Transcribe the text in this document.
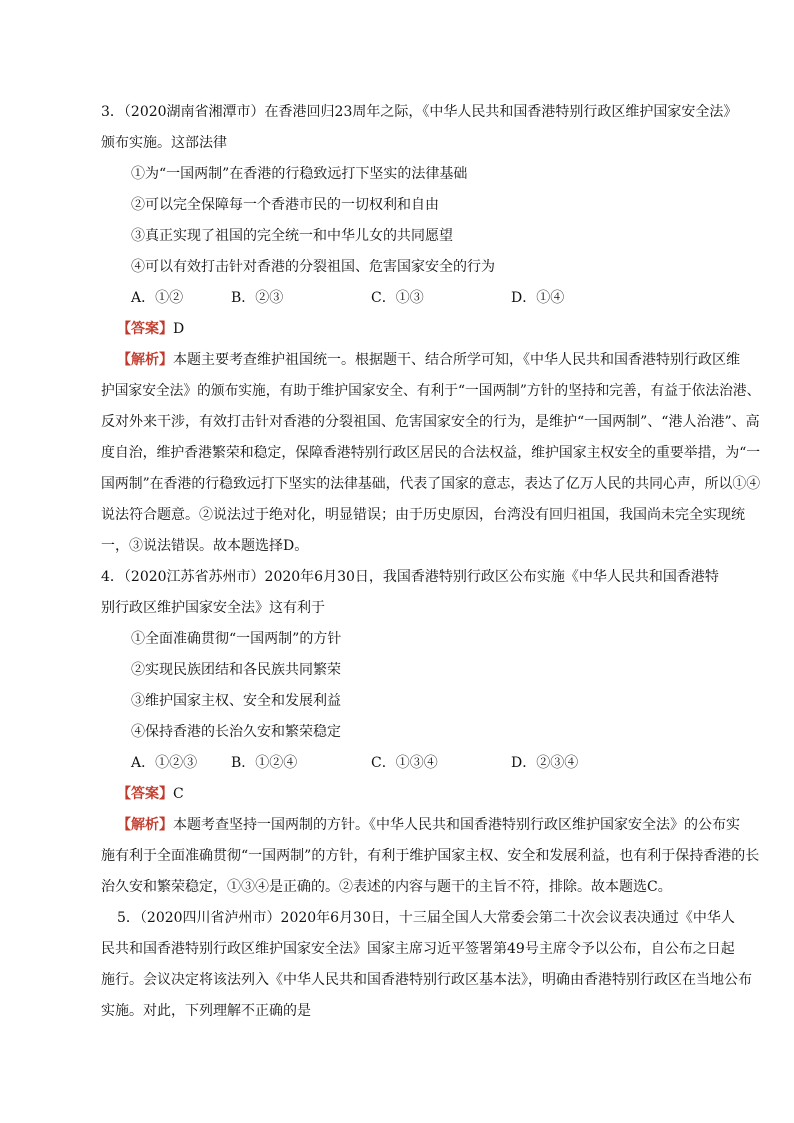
3．（2020湖南省湘潭市）在香港回归23周年之际，《中华人民共和国香港特别行政区维护国家安全法》
颁布实施。这部法律
①为“一国两制”在香港的行稳致远打下坚实的法律基础
②可以完全保障每一个香港市民的一切权利和自由
③真正实现了祖国的完全统一和中华儿女的共同愿望
④可以有效打击针对香港的分裂祖国、危害国家安全的行为
A．①②	B．②③	C．①③	D．①④
【答案】D
【解析】本题主要考查维护祖国统一。根据题干、结合所学可知，《中华人民共和国香港特别行政区维
护国家安全法》的颁布实施，有助于维护国家安全、有利于“一国两制”方针的坚持和完善，有益于依法治港、
反对外来干涉，有效打击针对香港的分裂祖国、危害国家安全的行为，是维护“一国两制”、“港人治港”、高
度自治，维护香港繁荣和稳定，保障香港特别行政区居民的合法权益，维护国家主权安全的重要举措，为“一
国两制”在香港的行稳致远打下坚实的法律基础，代表了国家的意志，表达了亿万人民的共同心声，所以①④
说法符合题意。②说法过于绝对化，明显错误；由于历史原因，台湾没有回归祖国，我国尚未完全实现统
一，③说法错误。故本题选择D。
4．（2020江苏省苏州市）2020年6月30日，我国香港特别行政区公布实施《中华人民共和国香港特
别行政区维护国家安全法》这有利于
①全面准确贯彻“一国两制”的方针
②实现民族团结和各民族共同繁荣
③维护国家主权、安全和发展利益
④保持香港的长治久安和繁荣稳定
A．①②③ B．①②④	C．①③④	D．②③④
【答案】C
【解析】本题考查坚持一国两制的方针。《中华人民共和国香港特别行政区维护国家安全法》的公布实
施有利于全面准确贯彻“一国两制”的方针，有利于维护国家主权、安全和发展利益，也有利于保持香港的长
治久安和繁荣稳定，①③④是正确的。②表述的内容与题干的主旨不符，排除。故本题选C。
5．（2020四川省泸州市）2020年6月30日，十三届全国人大常委会第二十次会议表决通过《中华人
民共和国香港特别行政区维护国家安全法》国家主席习近平签署第49号主席令予以公布，自公布之日起
施行。会议决定将该法列入《中华人民共和国香港特别行政区基本法》，明确由香港特别行政区在当地公布
实施。对此，下列理解不正确的是
